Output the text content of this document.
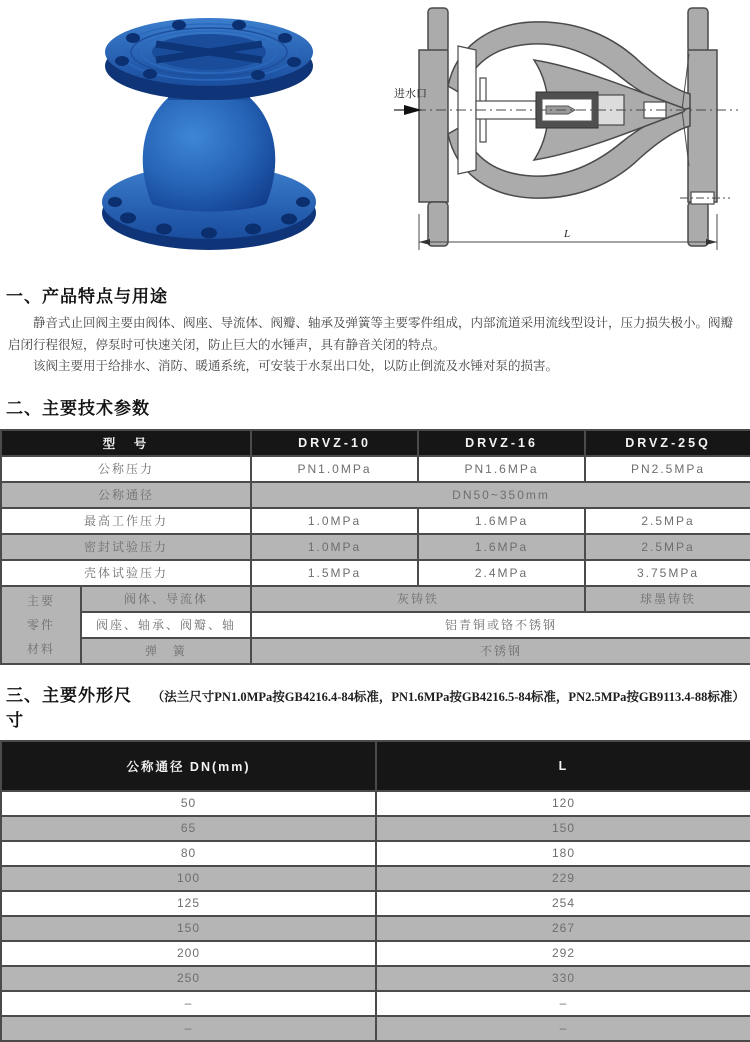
进水口
L
一、产品特点与用途

静音式止回阀主要由阀体、阀座、导流体、阀瓣、轴承及弹簧等主要零件组成，内部流道采用流线型设计，压力损失极小。阀瓣启闭行程很短，停泵时可快速关闭，防止巨大的水锤声，具有静音关闭的特点。

该阀主要用于给排水、消防、暖通系统，可安装于水泵出口处，以防止倒流及水锤对泵的损害。

二、主要技术参数
型　号		DRVZ-10	DRVZ-16	DRVZ-25Q
公称压力		PN1.0MPa	PN1.6MPa	PN2.5MPa
公称通径		DN50~350mm		
最高工作压力		1.0MPa	1.6MPa	2.5MPa
密封试验压力		1.0MPa	1.6MPa	2.5MPa
壳体试验压力		1.5MPa	2.4MPa	3.75MPa

主要
零件
材料	阀体、导流体	灰铸铁		球墨铸铁
	阀座、轴承、阀瓣、轴	铝青铜或铬不锈钢		
	弹　簧	不锈钢		
三、主要外形尺寸
（法兰尺寸PN1.0MPa按GB4216.4-84标准，PN1.6MPa按GB4216.5-84标准，PN2.5MPa按GB9113.4-88标准）
公称通径 DN(mm)	L
50	120
65	150
80	180
100	229
125	254
150	267
200	292
250	330
–	–
–	–
